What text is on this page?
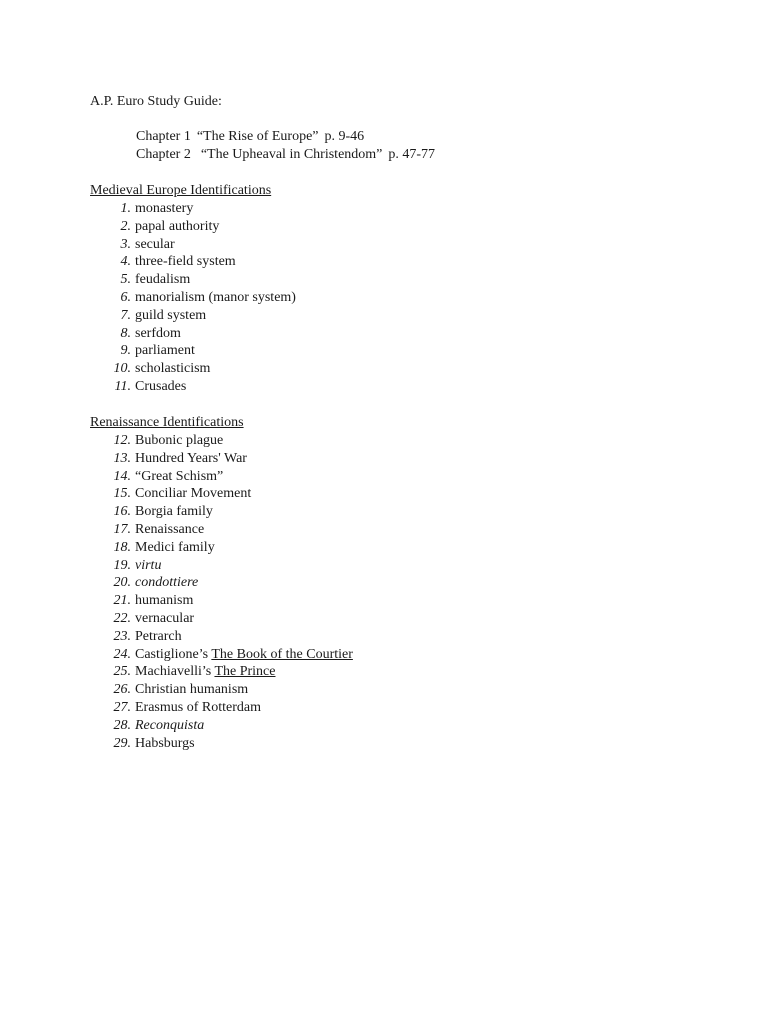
A.P. Euro Study Guide:
Chapter 1 “The Rise of Europe” p. 9-46
Chapter 2 “The Upheaval in Christendom” p. 47-77
Medieval Europe Identifications
1. monastery
2. papal authority
3. secular
4. three-field system
5. feudalism
6. manorialism (manor system)
7. guild system
8. serfdom
9. parliament
10. scholasticism
11. Crusades
Renaissance Identifications
12. Bubonic plague
13. Hundred Years' War
14. “Great Schism”
15. Conciliar Movement
16. Borgia family
17. Renaissance
18. Medici family
19. virtu
20. condottiere
21. humanism
22. vernacular
23. Petrarch
24. Castiglione’s The Book of the Courtier
25. Machiavelli’s The Prince
26. Christian humanism
27. Erasmus of Rotterdam
28. Reconquista
29. Habsburgs
